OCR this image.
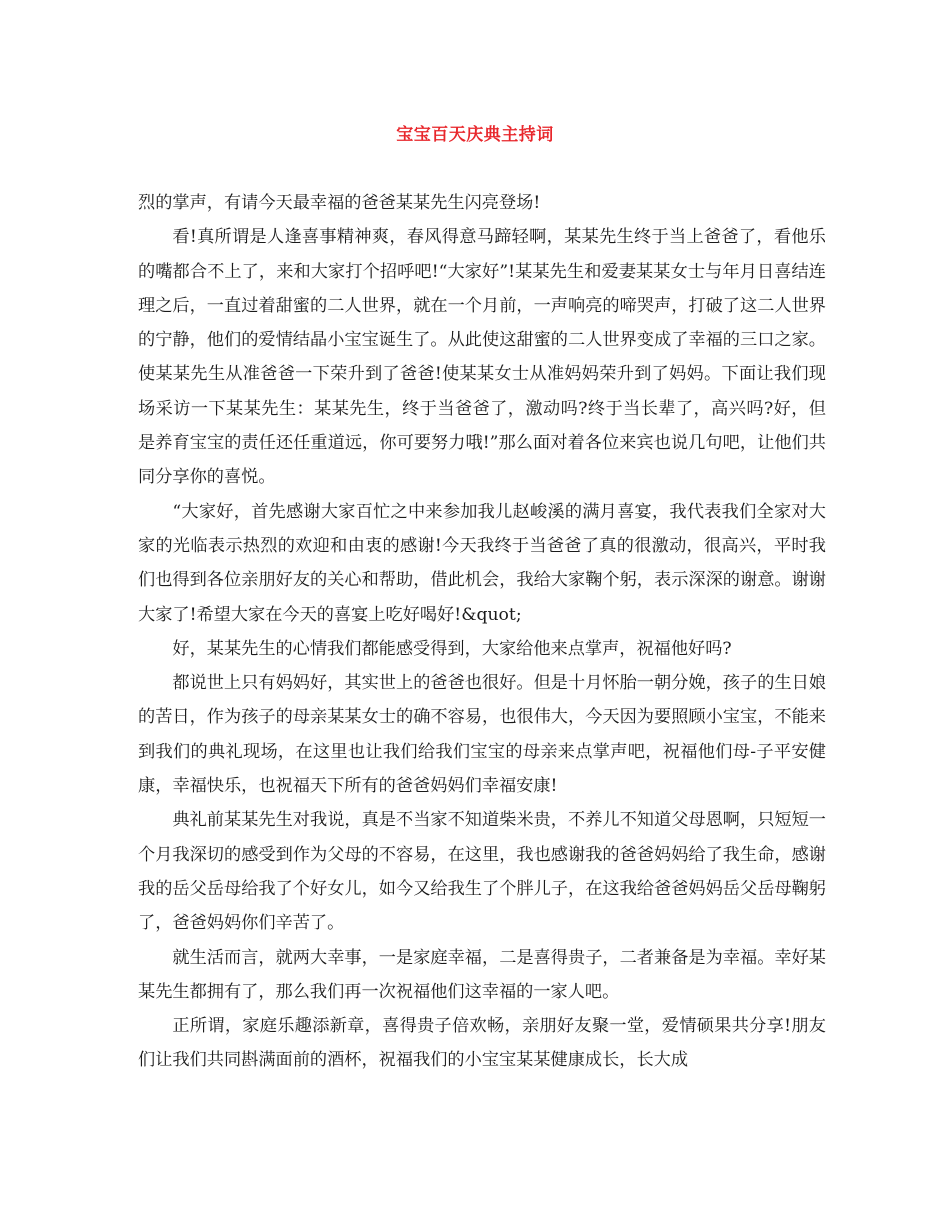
宝宝百天庆典主持词

烈的掌声，有请今天最幸福的爸爸某某先生闪亮登场!

看!真所谓是人逢喜事精神爽，春风得意马蹄轻啊，某某先生终于当上爸爸了，看他乐的嘴都合不上了，来和大家打个招呼吧!“大家好”!某某先生和爱妻某某女士与年月日喜结连理之后，一直过着甜蜜的二人世界，就在一个月前，一声响亮的啼哭声，打破了这二人世界的宁静，他们的爱情结晶小宝宝诞生了。从此使这甜蜜的二人世界变成了幸福的三口之家。使某某先生从准爸爸一下荣升到了爸爸!使某某女士从准妈妈荣升到了妈妈。下面让我们现场采访一下某某先生：某某先生，终于当爸爸了，激动吗?终于当长辈了，高兴吗?好，但是养育宝宝的责任还任重道远，你可要努力哦!”那么面对着各位来宾也说几句吧，让他们共同分享你的喜悦。

“大家好，首先感谢大家百忙之中来参加我儿赵峻溪的满月喜宴，我代表我们全家对大家的光临表示热烈的欢迎和由衷的感谢!今天我终于当爸爸了真的很激动，很高兴，平时我们也得到各位亲朋好友的关心和帮助，借此机会，我给大家鞠个躬，表示深深的谢意。谢谢大家了!希望大家在今天的喜宴上吃好喝好!&quot;

好，某某先生的心情我们都能感受得到，大家给他来点掌声，祝福他好吗?

都说世上只有妈妈好，其实世上的爸爸也很好。但是十月怀胎一朝分娩，孩子的生日娘的苦日，作为孩子的母亲某某女士的确不容易，也很伟大，今天因为要照顾小宝宝，不能来到我们的典礼现场，在这里也让我们给我们宝宝的母亲来点掌声吧，祝福他们母-子平安健康，幸福快乐，也祝福天下所有的爸爸妈妈们幸福安康!

典礼前某某先生对我说，真是不当家不知道柴米贵，不养儿不知道父母恩啊，只短短一个月我深切的感受到作为父母的不容易，在这里，我也感谢我的爸爸妈妈给了我生命，感谢我的岳父岳母给我了个好女儿，如今又给我生了个胖儿子，在这我给爸爸妈妈岳父岳母鞠躬了，爸爸妈妈你们辛苦了。

就生活而言，就两大幸事，一是家庭幸福，二是喜得贵子，二者兼备是为幸福。幸好某某先生都拥有了，那么我们再一次祝福他们这幸福的一家人吧。

正所谓，家庭乐趣添新章，喜得贵子倍欢畅，亲朋好友聚一堂，爱情硕果共分享!朋友们让我们共同斟满面前的酒杯，祝福我们的小宝宝某某健康成长，长大成
